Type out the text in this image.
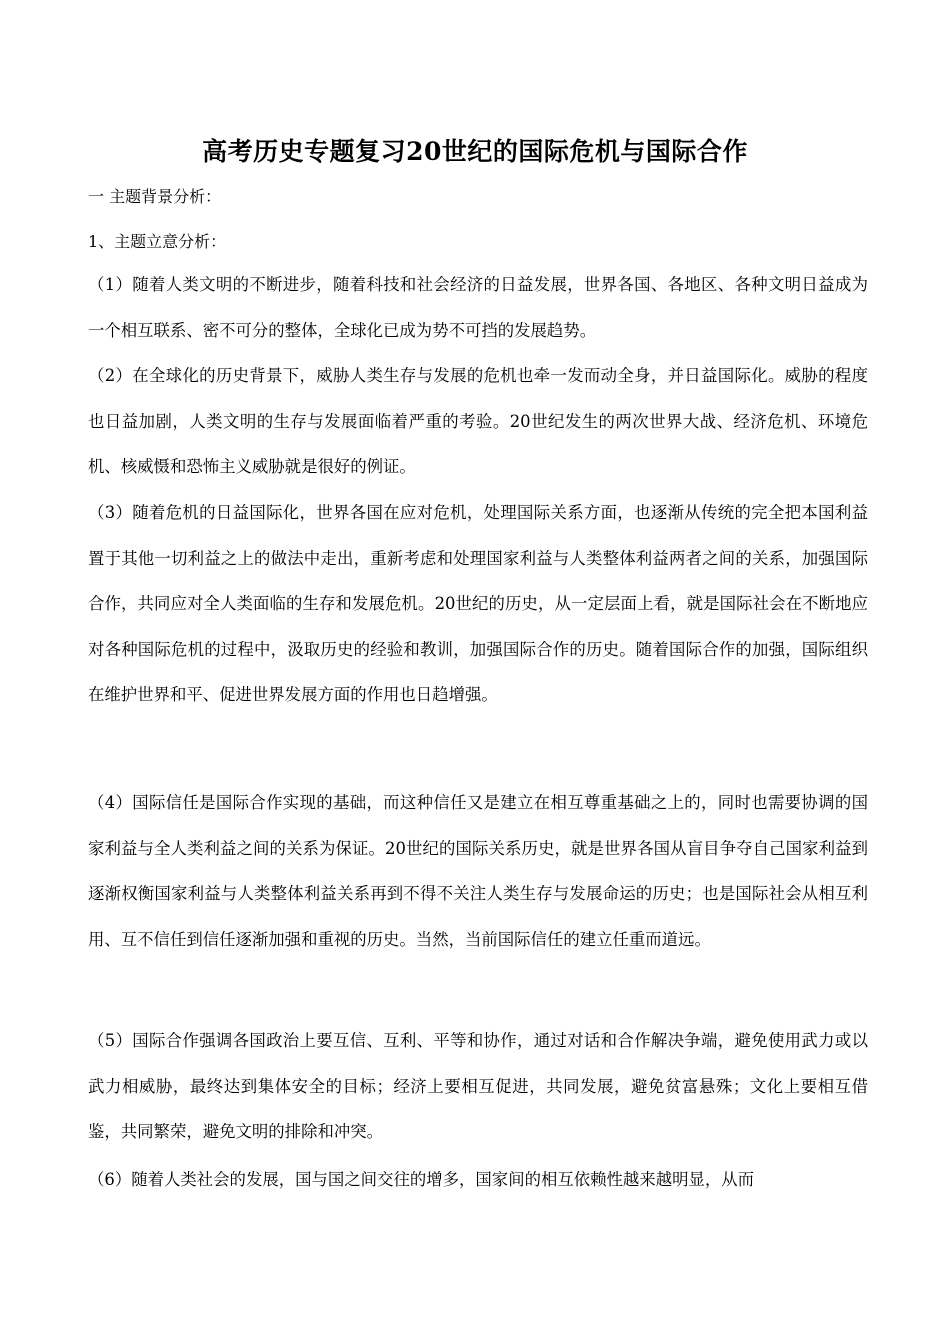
高考历史专题复习20世纪的国际危机与国际合作
一 主题背景分析：
1、主题立意分析：
（1）随着人类文明的不断进步，随着科技和社会经济的日益发展，世界各国、各地区、各种文明日益成为一个相互联系、密不可分的整体，全球化已成为势不可挡的发展趋势。
（2）在全球化的历史背景下，威胁人类生存与发展的危机也牵一发而动全身，并日益国际化。威胁的程度也日益加剧，人类文明的生存与发展面临着严重的考验。20世纪发生的两次世界大战、经济危机、环境危机、核威慑和恐怖主义威胁就是很好的例证。
（3）随着危机的日益国际化，世界各国在应对危机，处理国际关系方面，也逐渐从传统的完全把本国利益置于其他一切利益之上的做法中走出，重新考虑和处理国家利益与人类整体利益两者之间的关系，加强国际合作，共同应对全人类面临的生存和发展危机。20世纪的历史，从一定层面上看，就是国际社会在不断地应对各种国际危机的过程中，汲取历史的经验和教训，加强国际合作的历史。随着国际合作的加强，国际组织在维护世界和平、促进世界发展方面的作用也日趋增强。
（4）国际信任是国际合作实现的基础，而这种信任又是建立在相互尊重基础之上的，同时也需要协调的国家利益与全人类利益之间的关系为保证。20世纪的国际关系历史，就是世界各国从盲目争夺自己国家利益到逐渐权衡国家利益与人类整体利益关系再到不得不关注人类生存与发展命运的历史；也是国际社会从相互利用、互不信任到信任逐渐加强和重视的历史。当然，当前国际信任的建立任重而道远。
（5）国际合作强调各国政治上要互信、互利、平等和协作，通过对话和合作解决争端，避免使用武力或以武力相威胁，最终达到集体安全的目标；经济上要相互促进，共同发展，避免贫富悬殊；文化上要相互借鉴，共同繁荣，避免文明的排除和冲突。
（6）随着人类社会的发展，国与国之间交往的增多，国家间的相互依赖性越来越明显，从而
